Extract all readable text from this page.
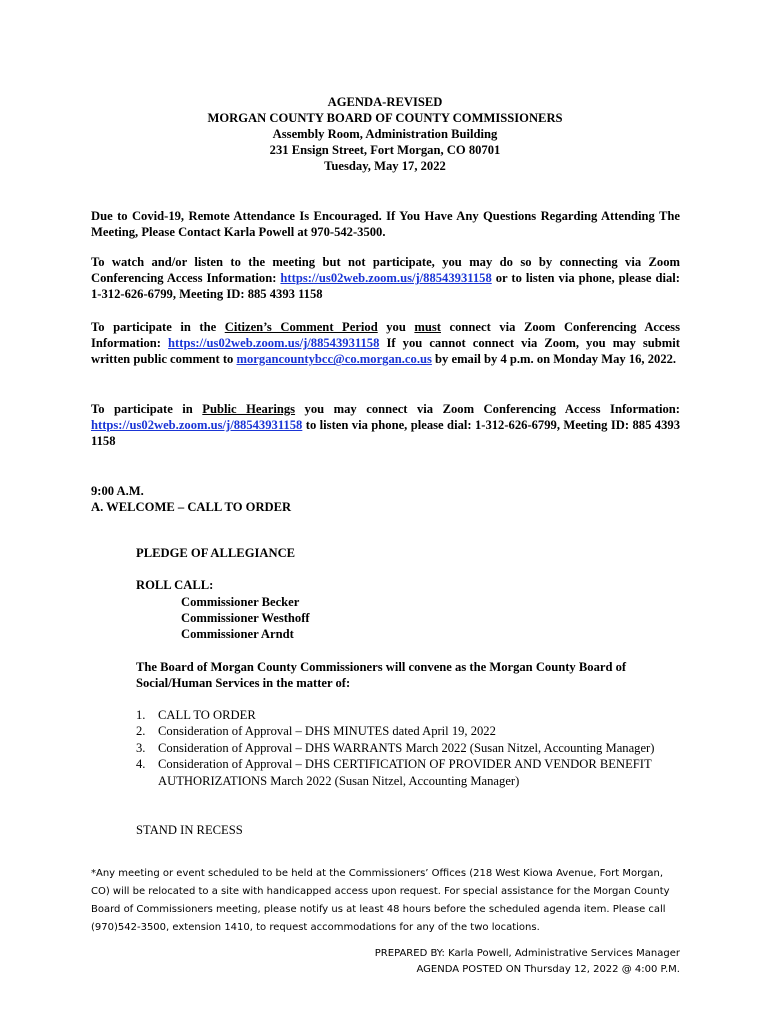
AGENDA-REVISED
MORGAN COUNTY BOARD OF COUNTY COMMISSIONERS
Assembly Room, Administration Building
231 Ensign Street, Fort Morgan, CO 80701
Tuesday, May 17, 2022
Due to Covid-19, Remote Attendance Is Encouraged. If You Have Any Questions Regarding Attending The Meeting, Please Contact Karla Powell at 970-542-3500.
To watch and/or listen to the meeting but not participate, you may do so by connecting via Zoom Conferencing Access Information: https://us02web.zoom.us/j/88543931158 or to listen via phone, please dial: 1-312-626-6799, Meeting ID: 885 4393 1158
To participate in the Citizen’s Comment Period you must connect via Zoom Conferencing Access Information: https://us02web.zoom.us/j/88543931158 If you cannot connect via Zoom, you may submit written public comment to morgancountybcc@co.morgan.co.us by email by 4 p.m. on Monday May 16, 2022.
To participate in Public Hearings you may connect via Zoom Conferencing Access Information: https://us02web.zoom.us/j/88543931158 to listen via phone, please dial: 1-312-626-6799, Meeting ID: 885 4393 1158
9:00 A.M.
A. WELCOME – CALL TO ORDER
PLEDGE OF ALLEGIANCE
ROLL CALL:
Commissioner Becker
Commissioner Westhoff
Commissioner Arndt
The Board of Morgan County Commissioners will convene as the Morgan County Board of Social/Human Services in the matter of:
1. CALL TO ORDER
2. Consideration of Approval – DHS MINUTES dated April 19, 2022
3. Consideration of Approval – DHS WARRANTS March 2022 (Susan Nitzel, Accounting Manager)
4. Consideration of Approval – DHS CERTIFICATION OF PROVIDER AND VENDOR BENEFIT AUTHORIZATIONS March 2022 (Susan Nitzel, Accounting Manager)
STAND IN RECESS
*Any meeting or event scheduled to be held at the Commissioners’ Offices (218 West Kiowa Avenue, Fort Morgan, CO) will be relocated to a site with handicapped access upon request. For special assistance for the Morgan County Board of Commissioners meeting, please notify us at least 48 hours before the scheduled agenda item. Please call (970)542-3500, extension 1410, to request accommodations for any of the two locations.
PREPARED BY: Karla Powell, Administrative Services Manager
AGENDA POSTED ON Thursday 12, 2022 @ 4:00 P.M.
